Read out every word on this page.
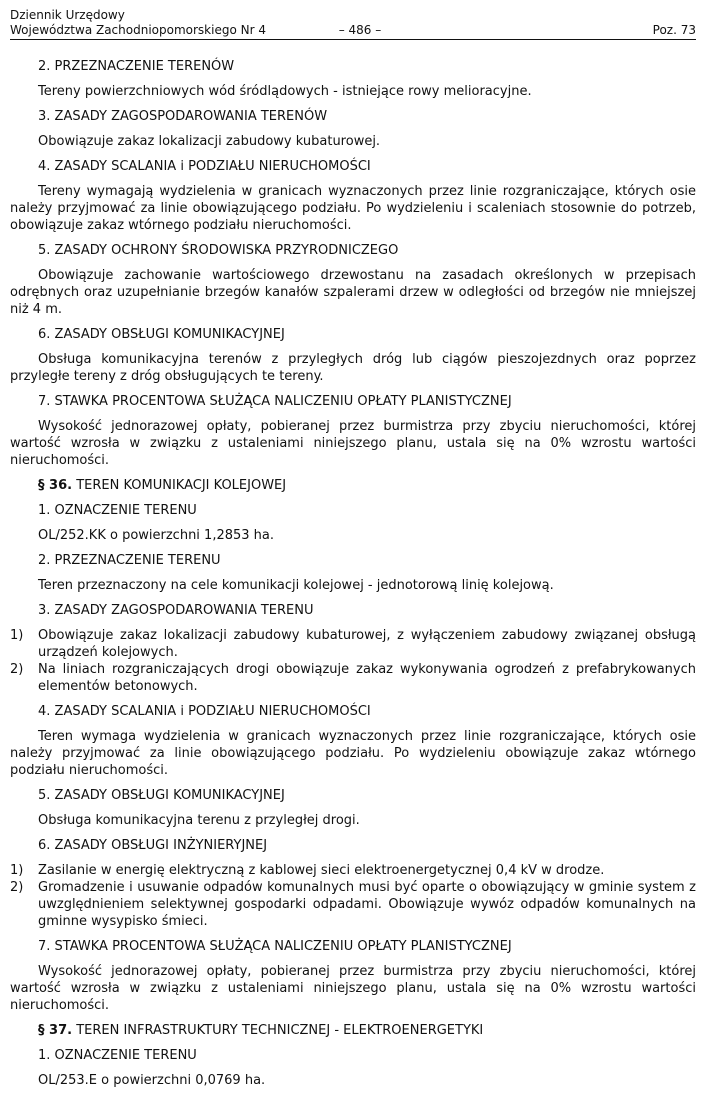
Dziennik Urzędowy
Województwa Zachodniopomorskiego Nr 4	– 486 –	Poz. 73
2. PRZEZNACZENIE TERENÓW
Tereny powierzchniowych wód śródlądowych - istniejące rowy melioracyjne.
3. ZASADY ZAGOSPODAROWANIA TERENÓW
Obowiązuje zakaz lokalizacji zabudowy kubaturowej.
4. ZASADY SCALANIA i PODZIAŁU NIERUCHOMOŚCI
Tereny wymagają wydzielenia w granicach wyznaczonych przez linie rozgraniczające, których osie należy przyjmować za linie obowiązującego podziału. Po wydzieleniu i scaleniach stosownie do potrzeb, obowiązuje zakaz wtórnego podziału nieruchomości.
5. ZASADY OCHRONY ŚRODOWISKA PRZYRODNICZEGO
Obowiązuje zachowanie wartościowego drzewostanu na zasadach określonych w przepisach odrębnych oraz uzupełnianie brzegów kanałów szpalerami drzew w odległości od brzegów nie mniejszej niż 4 m.
6. ZASADY OBSŁUGI KOMUNIKACYJNEJ
Obsługa komunikacyjna terenów z przyległych dróg lub ciągów pieszojezdnych oraz poprzez przyległe tereny z dróg obsługujących te tereny.
7. STAWKA PROCENTOWA SŁUŻĄCA NALICZENIU OPŁATY PLANISTYCZNEJ
Wysokość jednorazowej opłaty, pobieranej przez burmistrza przy zbyciu nieruchomości, której wartość wzrosła w związku z ustaleniami niniejszego planu, ustala się na 0% wzrostu wartości nieruchomości.
§ 36. TEREN KOMUNIKACJI KOLEJOWEJ
1. OZNACZENIE TERENU
OL/252.KK o powierzchni 1,2853 ha.
2. PRZEZNACZENIE TERENU
Teren przeznaczony na cele komunikacji kolejowej - jednotorową linię kolejową.
3. ZASADY ZAGOSPODAROWANIA TERENU
1)	Obowiązuje zakaz lokalizacji zabudowy kubaturowej, z wyłączeniem zabudowy związanej obsługą urządzeń kolejowych.
2)	Na liniach rozgraniczających drogi obowiązuje zakaz wykonywania ogrodzeń z prefabrykowanych elementów betonowych.
4. ZASADY SCALANIA i PODZIAŁU NIERUCHOMOŚCI
Teren wymaga wydzielenia w granicach wyznaczonych przez linie rozgraniczające, których osie należy przyjmować za linie obowiązującego podziału. Po wydzieleniu obowiązuje zakaz wtórnego podziału nieruchomości.
5. ZASADY OBSŁUGI KOMUNIKACYJNEJ
Obsługa komunikacyjna terenu z przyległej drogi.
6. ZASADY OBSŁUGI INŻYNIERYJNEJ
1)	Zasilanie w energię elektryczną z kablowej sieci elektroenergetycznej 0,4 kV w drodze.
2)	Gromadzenie i usuwanie odpadów komunalnych musi być oparte o obowiązujący w gminie system z uwzględnieniem selektywnej gospodarki odpadami. Obowiązuje wywóz odpadów komunalnych na gminne wysypisko śmieci.
7. STAWKA PROCENTOWA SŁUŻĄCA NALICZENIU OPŁATY PLANISTYCZNEJ
Wysokość jednorazowej opłaty, pobieranej przez burmistrza przy zbyciu nieruchomości, której wartość wzrosła w związku z ustaleniami niniejszego planu, ustala się na 0% wzrostu wartości nieruchomości.
§ 37. TEREN INFRASTRUKTURY TECHNICZNEJ - ELEKTROENERGETYKI
1. OZNACZENIE TERENU
OL/253.E o powierzchni 0,0769 ha.
